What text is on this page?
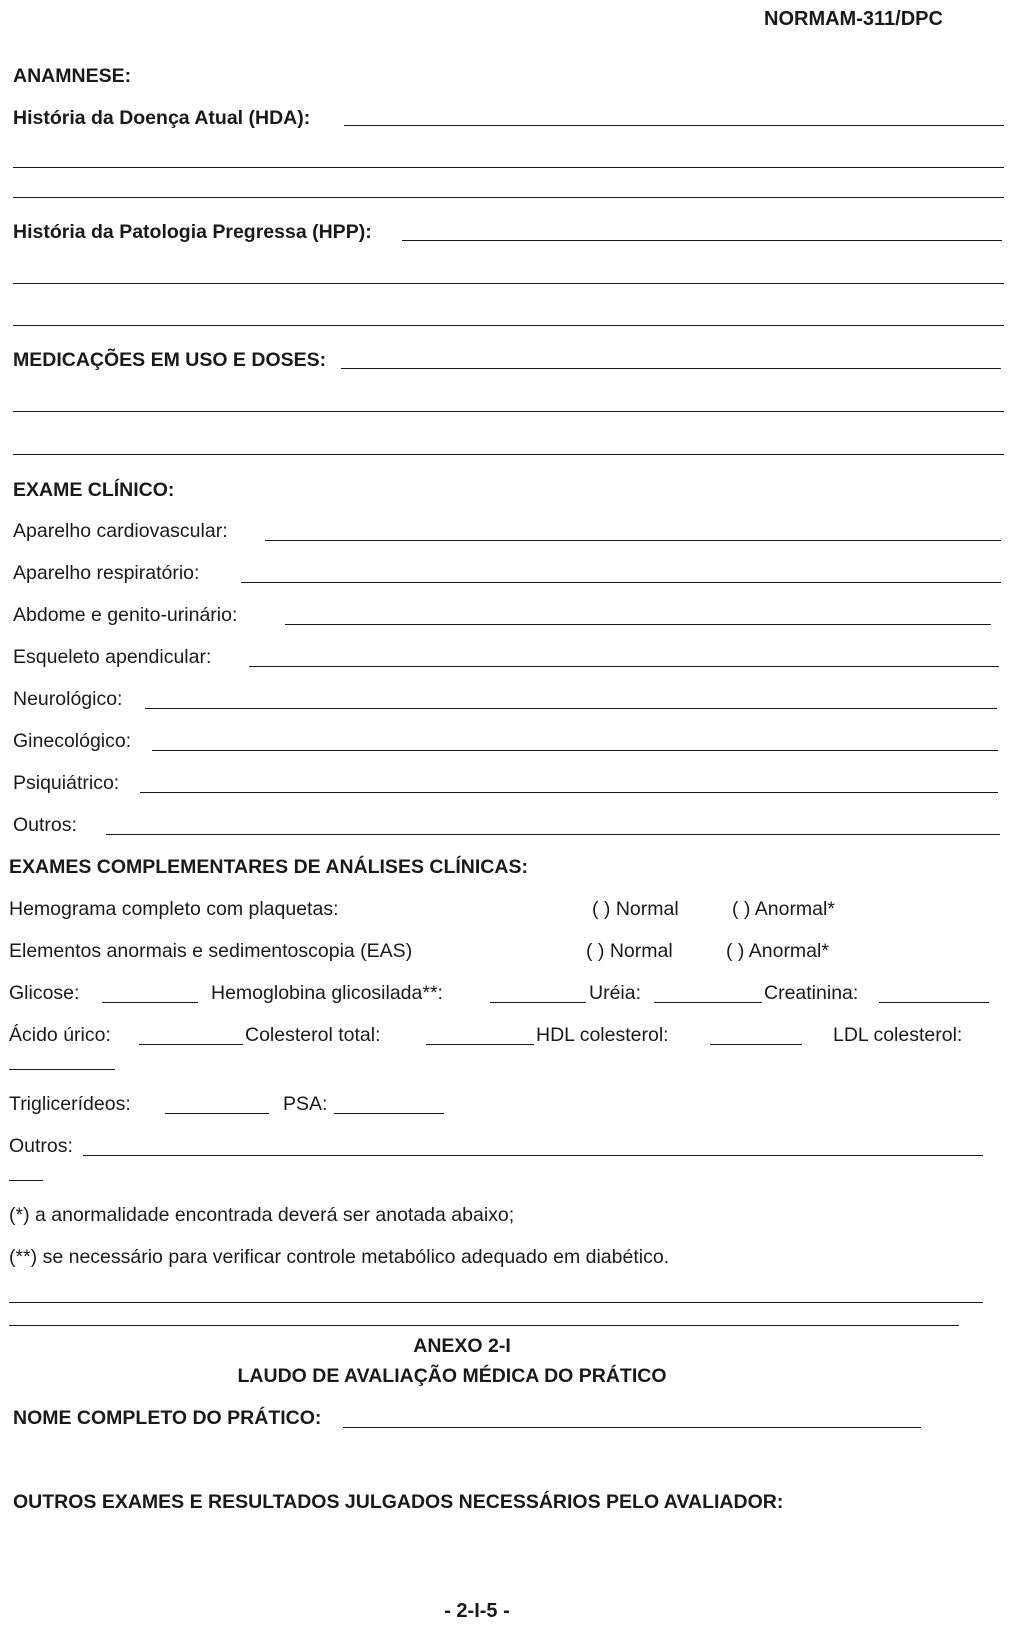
NORMAM-311/DPC
ANAMNESE:
História da Doença Atual (HDA):
História da Patologia Pregressa (HPP):
MEDICAÇÕES EM USO E DOSES:
EXAME CLÍNICO:
Aparelho cardiovascular:
Aparelho respiratório:
Abdome e genito-urinário:
Esqueleto apendicular:
Neurológico:
Ginecológico:
Psiquiátrico:
Outros:
EXAMES COMPLEMENTARES DE ANÁLISES CLÍNICAS:
Hemograma completo com plaquetas:	( ) Normal	( ) Anormal*
Elementos anormais e sedimentoscopia (EAS)	( ) Normal	( ) Anormal*
Glicose:	Hemoglobina glicosilada**:	Uréia:	Creatinina:
Ácido úrico:	Colesterol total:	HDL colesterol:	LDL colesterol:
Triglicerídeos:	PSA:
Outros:
(*) a anormalidade encontrada deverá ser anotada abaixo;
(**) se necessário para verificar controle metabólico adequado em diabético.
ANEXO 2-I
LAUDO DE AVALIAÇÃO MÉDICA DO PRÁTICO
NOME COMPLETO DO PRÁTICO:
OUTROS EXAMES E RESULTADOS JULGADOS NECESSÁRIOS PELO AVALIADOR:
- 2-I-5 -
